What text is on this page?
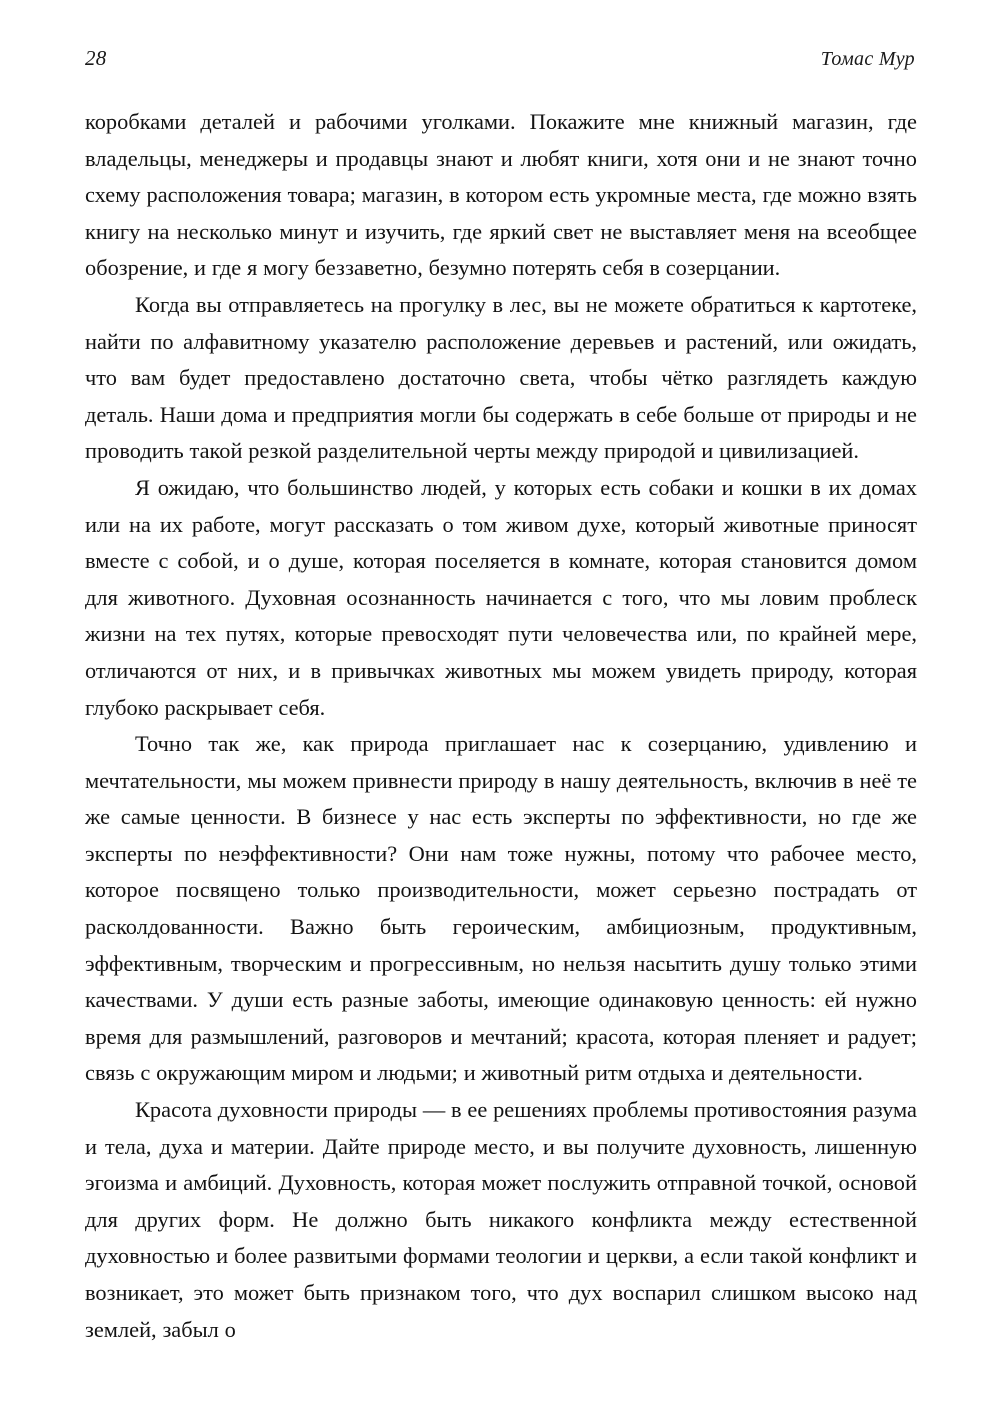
28	Томас Мур

коробками деталей и рабочими уголками. Покажите мне книжный магазин, где владельцы, менеджеры и продавцы знают и любят книги, хотя они и не знают точно схему расположения товара; магазин, в котором есть укромные места, где можно взять книгу на несколько минут и изучить, где яркий свет не выставляет меня на всеобщее обозрение, и где я могу беззаветно, безумно потерять себя в созерцании.

Когда вы отправляетесь на прогулку в лес, вы не можете обратиться к картотеке, найти по алфавитному указателю расположение деревьев и растений, или ожидать, что вам будет предоставлено достаточно света, чтобы чётко разглядеть каждую деталь. Наши дома и предприятия могли бы содержать в себе больше от природы и не проводить такой резкой разделительной черты между природой и цивилизацией.

Я ожидаю, что большинство людей, у которых есть собаки и кошки в их домах или на их работе, могут рассказать о том живом духе, который животные приносят вместе с собой, и о душе, которая поселяется в комнате, которая становится домом для животного. Духовная осознанность начинается с того, что мы ловим проблеск жизни на тех путях, которые превосходят пути человечества или, по крайней мере, отличаются от них, и в привычках животных мы можем увидеть природу, которая глубоко раскрывает себя.

Точно так же, как природа приглашает нас к созерцанию, удивлению и мечтательности, мы можем привнести природу в нашу деятельность, включив в неё те же самые ценности. В бизнесе у нас есть эксперты по эффективности, но где же эксперты по неэффективности? Они нам тоже нужны, потому что рабочее место, которое посвящено только производительности, может серьезно пострадать от расколдованности. Важно быть героическим, амбициозным, продуктивным, эффективным, творческим и прогрессивным, но нельзя насытить душу только этими качествами. У души есть разные заботы, имеющие одинаковую ценность: ей нужно время для размышлений, разговоров и мечтаний; красота, которая пленяет и радует; связь с окружающим миром и людьми; и животный ритм отдыха и деятельности.

Красота духовности природы — в ее решениях проблемы противостояния разума и тела, духа и материи. Дайте природе место, и вы получите духовность, лишенную эгоизма и амбиций. Духовность, которая может послужить отправной точкой, основой для других форм. Не должно быть никакого конфликта между естественной духовностью и более развитыми формами теологии и церкви, а если такой конфликт и возникает, это может быть признаком того, что дух воспарил слишком высоко над землей, забыл о
